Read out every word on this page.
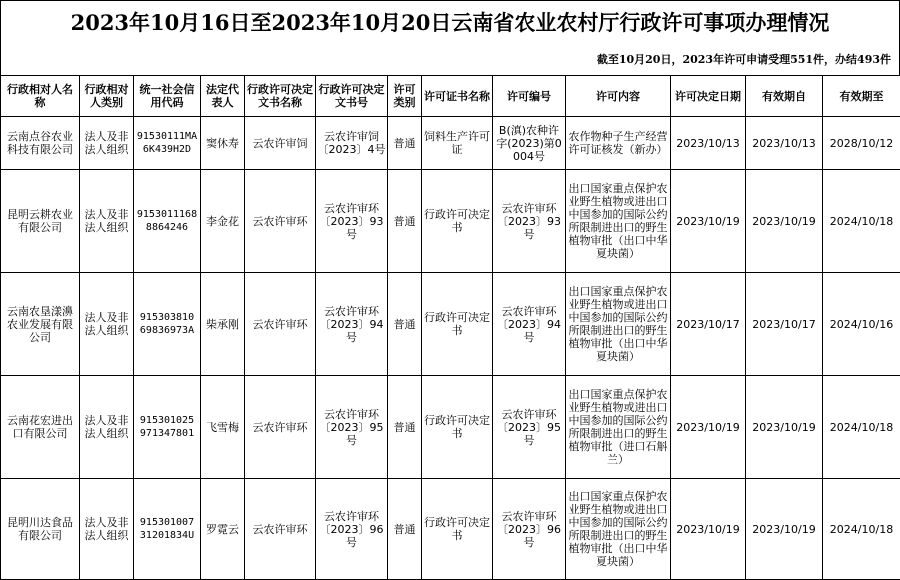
2023年10月16日至2023年10月20日云南省农业农村厅行政许可事项办理情况
截至10月20日，2023年许可申请受理551件，办结493件
行政相对人名称	行政相对人类别	统一社会信用代码	法定代表人	行政许可决定文书名称	行政许可决定文书号	许可类别	许可证书名称	许可编号	许可内容	许可决定日期	有效期自	有效期至
云南点谷农业科技有限公司	法人及非法人组织	91530111MA6K439H2D	窦休寿	云农许审饲	云农许审饲〔2023〕4号	普通	饲料生产许可证	B(滇)农种许字(2023)第0004号	农作物种子生产经营许可证核发（新办）	2023/10/13	2023/10/13	2028/10/12
昆明云耕农业有限公司	法人及非法人组织	91530111688864246	李金花	云农许审环	云农许审环〔2023〕93号	普通	行政许可决定书	云农许审环〔2023〕93号	出口国家重点保护农业野生植物或进出口中国参加的国际公约所限制进出口的野生植物审批（出口中华夏块菌）	2023/10/19	2023/10/19	2024/10/18
云南农垦漾濞农业发展有限公司	法人及非法人组织	915303810 69836973A	柴承刚	云农许审环	云农许审环〔2023〕94号	普通	行政许可决定书	云农许审环〔2023〕94号	出口国家重点保护农业野生植物或进出口中国参加的国际公约所限制进出口的野生植物审批（出口中华夏块菌）	2023/10/17	2023/10/17	2024/10/16
云南花宏进出口有限公司	法人及非法人组织	915301025 971347801	飞雪梅	云农许审环	云农许审环〔2023〕95号	普通	行政许可决定书	云农许审环〔2023〕95号	出口国家重点保护农业野生植物或进出口中国参加的国际公约所限制进出口的野生植物审批（进口石斛兰）	2023/10/19	2023/10/19	2024/10/18
昆明川达食品有限公司	法人及非法人组织	915301007 31201834U	罗霓云	云农许审环	云农许审环〔2023〕96号	普通	行政许可决定书	云农许审环〔2023〕96号	出口国家重点保护农业野生植物或进出口中国参加的国际公约所限制进出口的野生植物审批（出口中华夏块菌）	2023/10/19	2023/10/19	2024/10/18
